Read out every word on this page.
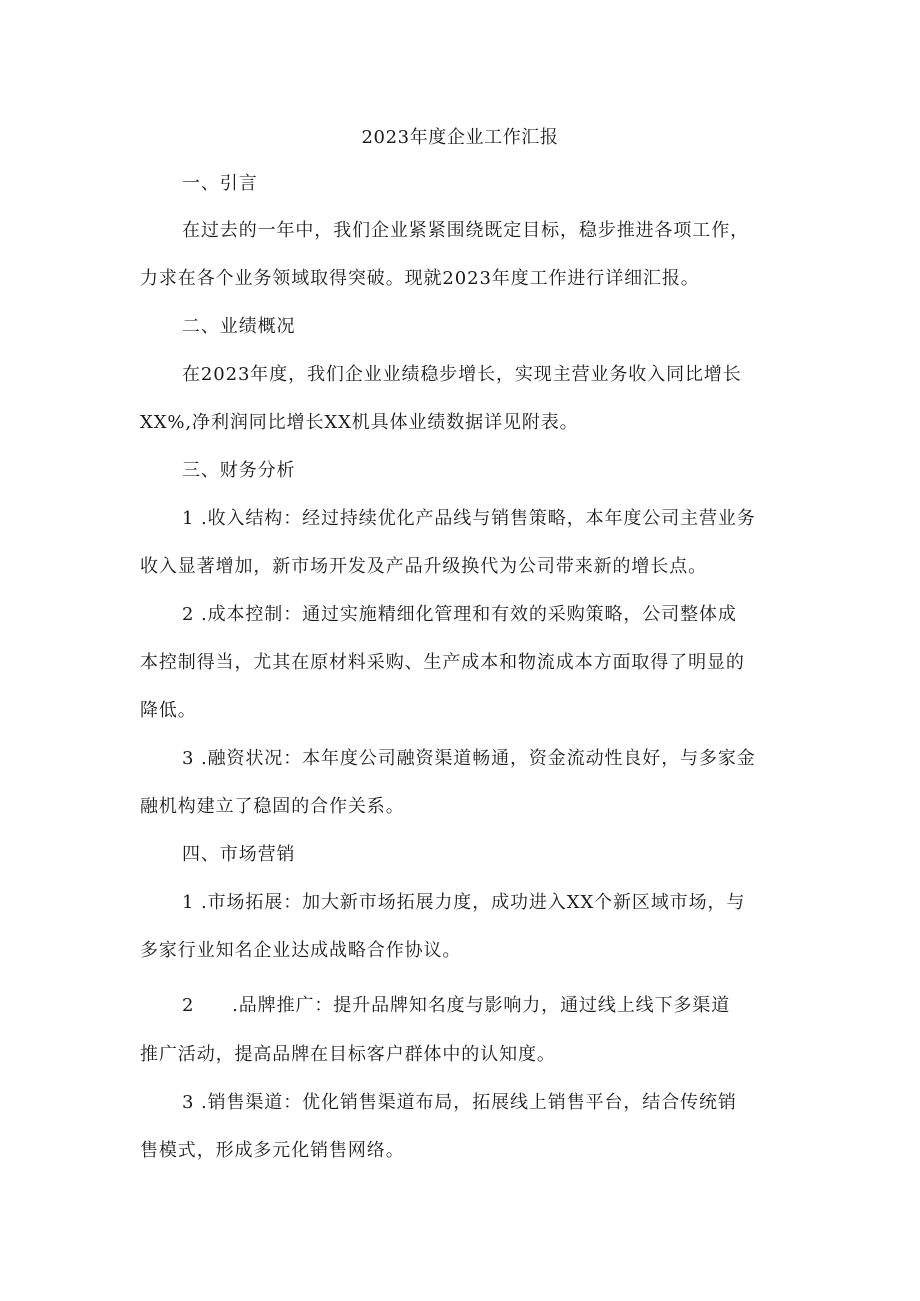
2023年度企业工作汇报
一、引言
在过去的一年中，我们企业紧紧围绕既定目标，稳步推进各项工作，
力求在各个业务领域取得突破。现就2023年度工作进行详细汇报。
二、业绩概况
在2023年度，我们企业业绩稳步增长，实现主营业务收入同比增长
XX%,净利润同比增长XX机具体业绩数据详见附表。
三、财务分析
1 .收入结构：经过持续优化产品线与销售策略，本年度公司主营业务
收入显著增加，新市场开发及产品升级换代为公司带来新的增长点。
2 .成本控制：通过实施精细化管理和有效的采购策略，公司整体成
本控制得当，尤其在原材料采购、生产成本和物流成本方面取得了明显的
降低。
3 .融资状况：本年度公司融资渠道畅通，资金流动性良好，与多家金
融机构建立了稳固的合作关系。
四、市场营销
1 .市场拓展：加大新市场拓展力度，成功进入XX个新区域市场，与
多家行业知名企业达成战略合作协议。
2　　.品牌推广：提升品牌知名度与影响力，通过线上线下多渠道
推广活动，提高品牌在目标客户群体中的认知度。
3 .销售渠道：优化销售渠道布局，拓展线上销售平台，结合传统销
售模式，形成多元化销售网络。
